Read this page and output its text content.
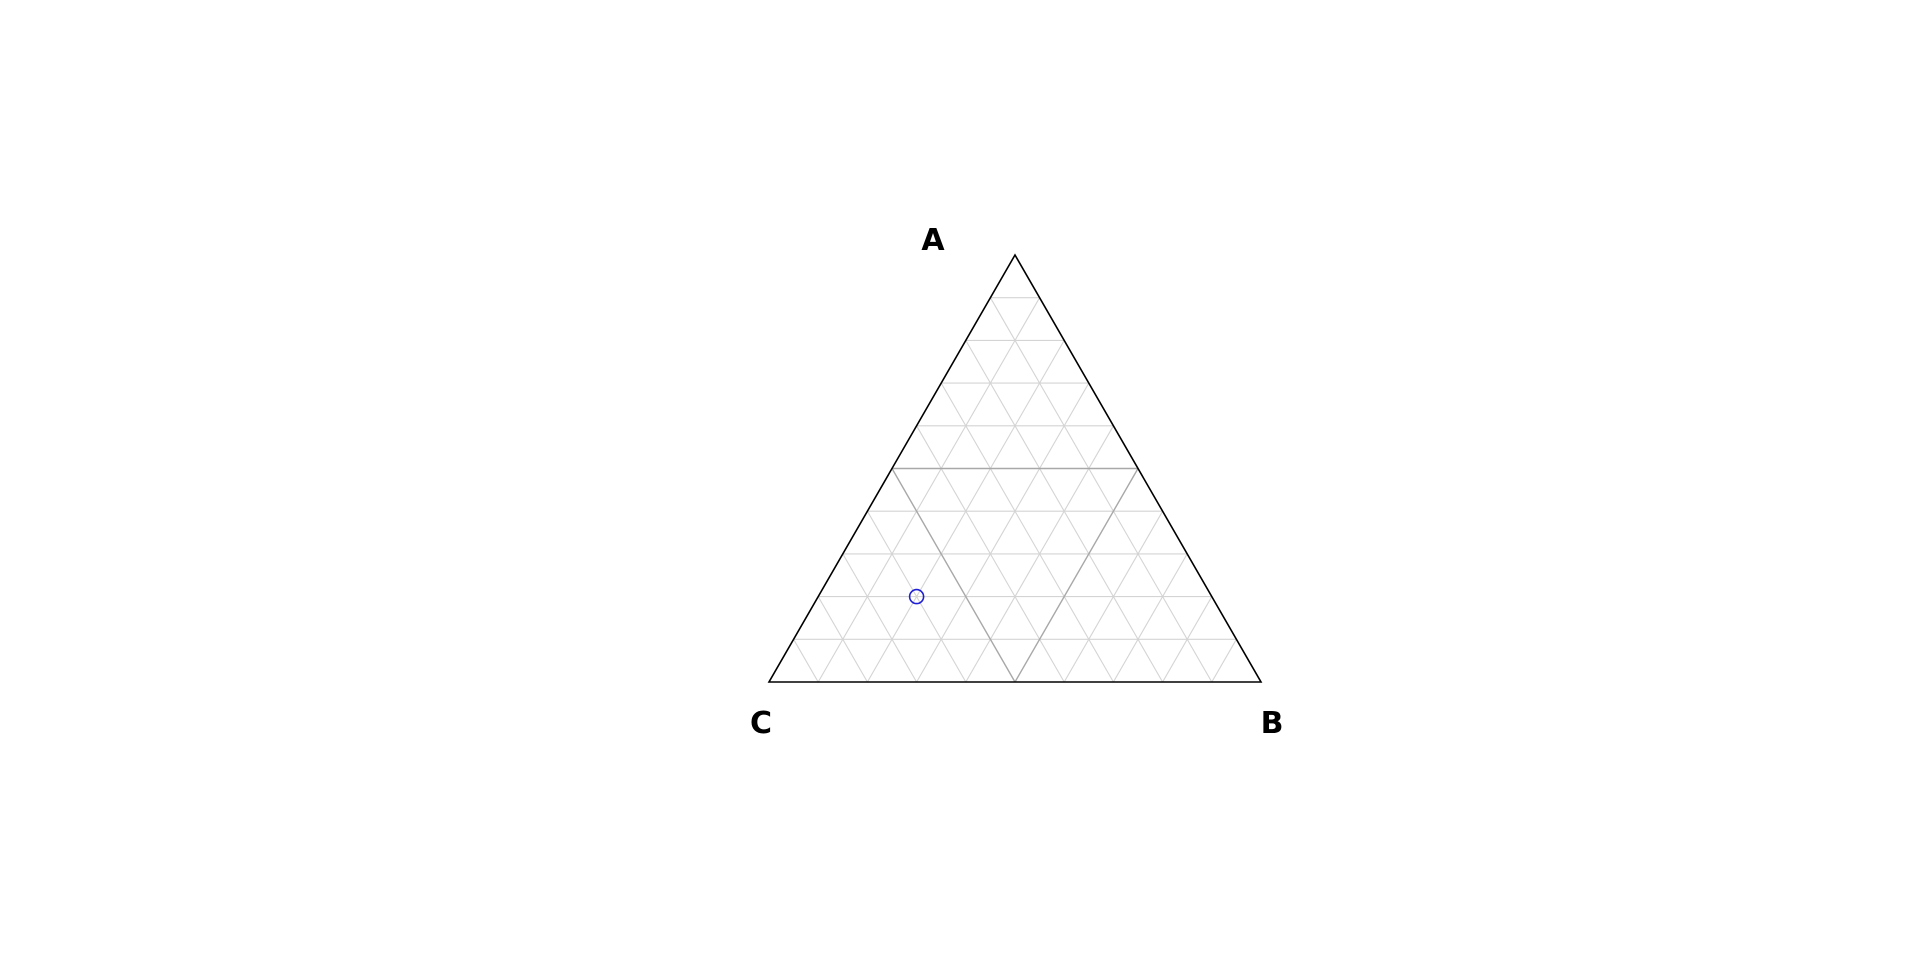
A
B
C
